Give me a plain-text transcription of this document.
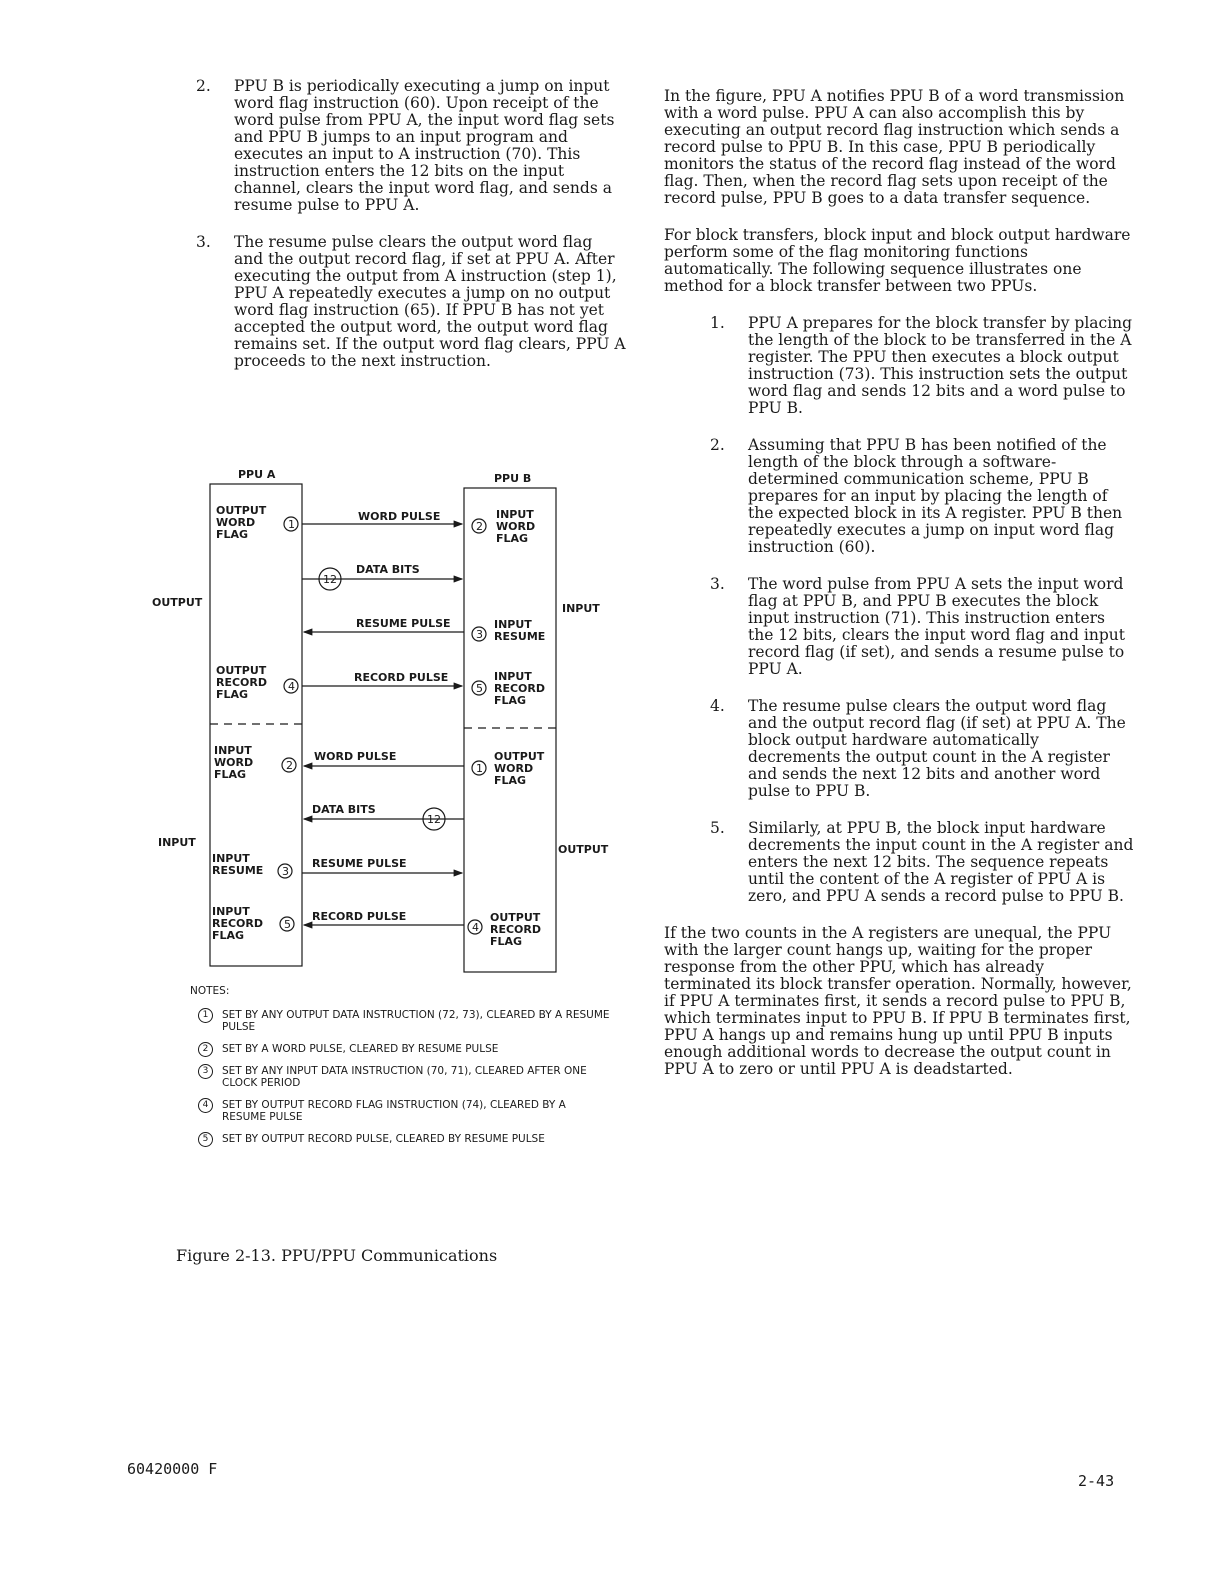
2. PPU B is periodically executing a jump on input word flag instruction (60). Upon receipt of the word pulse from PPU A, the input word flag sets and PPU B jumps to an input program and executes an input to A instruction (70). This instruction enters the 12 bits on the input channel, clears the input word flag, and sends a resume pulse to PPU A.
3. The resume pulse clears the output word flag and the output record flag, if set at PPU A. After executing the output from A instruction (step 1), PPU A repeatedly executes a jump on no output word flag instruction (65). If PPU B has not yet accepted the output word, the output word flag remains set. If the output word flag clears, PPU A proceeds to the next instruction.
PPU A	PPU B
OUTPUT	INPUT
INPUT
OUTPUT
OUTPUT
WORD
FLAG
OUTPUT
RECORD
FLAG
INPUT
WORD
FLAG
INPUT
RESUME
INPUT
RECORD
FLAG
INPUT
WORD
FLAG
INPUT
RESUME
INPUT
RECORD
FLAG
OUTPUT
WORD
FLAG
OUTPUT
RECORD
FLAG
WORD PULSE
DATA BITS
RESUME PULSE
RECORD PULSE
WORD PULSE
DATA BITS
RESUME PULSE
RECORD PULSE
1
12
2
3
4	5
2	1
12
3
5	4
NOTES:
1	SET BY ANY OUTPUT DATA INSTRUCTION (72, 73), CLEARED BY A RESUME PULSE
2	SET BY A WORD PULSE, CLEARED BY RESUME PULSE
3	SET BY ANY INPUT DATA INSTRUCTION (70, 71), CLEARED AFTER ONE CLOCK PERIOD
4	SET BY OUTPUT RECORD FLAG INSTRUCTION (74), CLEARED BY A RESUME PULSE
5	SET BY OUTPUT RECORD PULSE, CLEARED BY RESUME PULSE
Figure 2-13. PPU/PPU Communications
In the figure, PPU A notifies PPU B of a word transmission with a word pulse. PPU A can also accomplish this by executing an output record flag instruction which sends a record pulse to PPU B. In this case, PPU B periodically monitors the status of the record flag instead of the word flag. Then, when the record flag sets upon receipt of the record pulse, PPU B goes to a data transfer sequence.
For block transfers, block input and block output hardware perform some of the flag monitoring functions automatically. The following sequence illustrates one method for a block transfer between two PPUs.
1. PPU A prepares for the block transfer by placing the length of the block to be transferred in the A register. The PPU then executes a block output instruction (73). This instruction sets the output word flag and sends 12 bits and a word pulse to PPU B.
2. Assuming that PPU B has been notified of the length of the block through a software-determined communication scheme, PPU B prepares for an input by placing the length of the expected block in its A register. PPU B then repeatedly executes a jump on input word flag instruction (60).
3. The word pulse from PPU A sets the input word flag at PPU B, and PPU B executes the block input instruction (71). This instruction enters the 12 bits, clears the input word flag and input record flag (if set), and sends a resume pulse to PPU A.
4. The resume pulse clears the output word flag and the output record flag (if set) at PPU A. The block output hardware automatically decrements the output count in the A register and sends the next 12 bits and another word pulse to PPU B.
5. Similarly, at PPU B, the block input hardware decrements the input count in the A register and enters the next 12 bits. The sequence repeats until the content of the A register of PPU A is zero, and PPU A sends a record pulse to PPU B.
If the two counts in the A registers are unequal, the PPU with the larger count hangs up, waiting for the proper response from the other PPU, which has already terminated its block transfer operation. Normally, however, if PPU A terminates first, it sends a record pulse to PPU B, which terminates input to PPU B. If PPU B terminates first, PPU A hangs up and remains hung up until PPU B inputs enough additional words to decrease the output count in PPU A to zero or until PPU A is deadstarted.
60420000 F
2-43
